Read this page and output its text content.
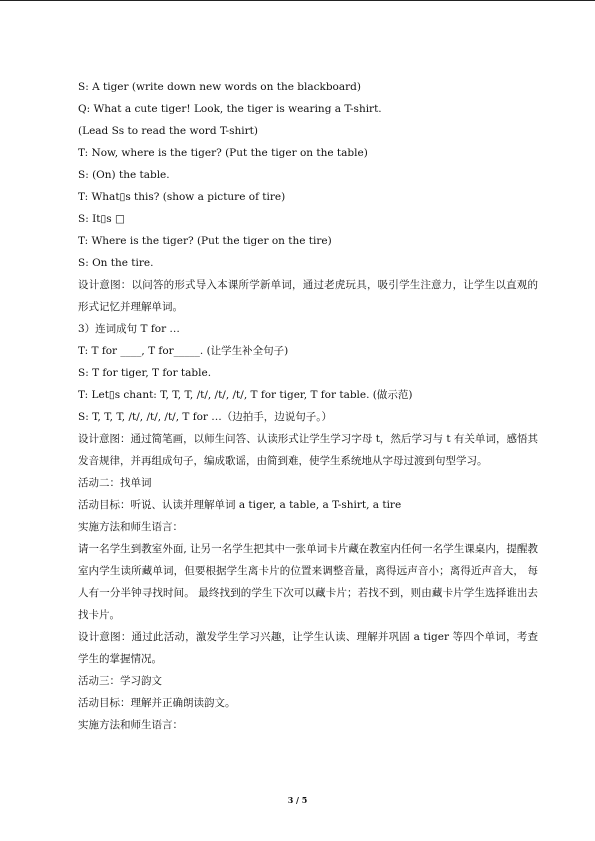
S: A tiger (write down new words on the blackboard)
Q: What a cute tiger! Look, the tiger is wearing a T-shirt.
(Lead Ss to read the word T-shirt)
T: Now, where is the tiger? (Put the tiger on the table)
S: (On) the table.
T: What▯s this? (show a picture of tire)
S: It▯s □
T: Where is the tiger? (Put the tiger on the tire)
S: On the tire.
设计意图：以问答的形式导入本课所学新单词，通过老虎玩具，吸引学生注意力，让学生以直观的形式记忆并理解单词。
3）连词成句 T for …
T: T for ____, T for_____. (让学生补全句子)
S: T for tiger, T for table.
T: Let▯s chant: T, T, T, /t/, /t/, /t/, T for tiger, T for table. (做示范)
S: T, T, T, /t/, /t/, /t/, T for …（边拍手，边说句子。）
设计意图：通过简笔画，以师生问答、认读形式让学生学习字母 t，然后学习与 t 有关单词，感悟其发音规律，并再组成句子，编成歌谣，由简到难，使学生系统地从字母过渡到句型学习。
活动二：找单词
活动目标：听说、认读并理解单词 a tiger, a table, a T-shirt, a tire
实施方法和师生语言：
请一名学生到教室外面, 让另一名学生把其中一张单词卡片藏在教室内任何一名学生课桌内，提醒教室内学生读所藏单词，但要根据学生离卡片的位置来调整音量，离得远声音小；离得近声音大， 每人有一分半钟寻找时间。 最终找到的学生下次可以藏卡片；若找不到，则由藏卡片学生选择谁出去找卡片。
设计意图：通过此活动，激发学生学习兴趣，让学生认读、理解并巩固 a tiger 等四个单词，考查学生的掌握情况。
活动三：学习韵文
活动目标：理解并正确朗读韵文。
实施方法和师生语言：
3 / 5
